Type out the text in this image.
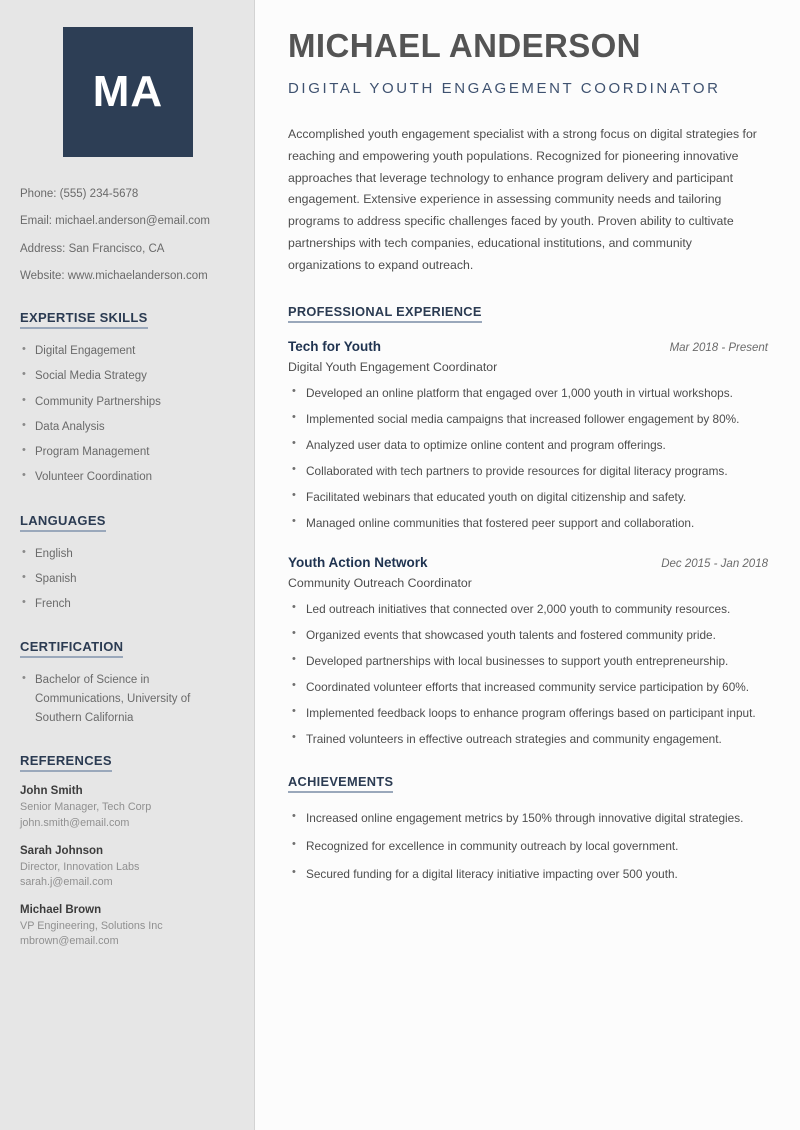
MA
Phone: (555) 234-5678
Email: michael.anderson@email.com
Address: San Francisco, CA
Website: www.michaelanderson.com
EXPERTISE SKILLS
• Digital Engagement
• Social Media Strategy
• Community Partnerships
• Data Analysis
• Program Management
• Volunteer Coordination
LANGUAGES
• English
• Spanish
• French
CERTIFICATION
• Bachelor of Science in Communications, University of Southern California
REFERENCES
John Smith
Senior Manager, Tech Corp
john.smith@email.com
Sarah Johnson
Director, Innovation Labs
sarah.j@email.com
Michael Brown
VP Engineering, Solutions Inc
mbrown@email.com
MICHAEL ANDERSON
DIGITAL YOUTH ENGAGEMENT COORDINATOR

Accomplished youth engagement specialist with a strong focus on digital strategies for reaching and empowering youth populations. Recognized for pioneering innovative approaches that leverage technology to enhance program delivery and participant engagement. Extensive experience in assessing community needs and tailoring programs to address specific challenges faced by youth. Proven ability to cultivate partnerships with tech companies, educational institutions, and community organizations to expand outreach.

PROFESSIONAL EXPERIENCE
Tech for Youth	Mar 2018 - Present
Digital Youth Engagement Coordinator
• Developed an online platform that engaged over 1,000 youth in virtual workshops.
• Implemented social media campaigns that increased follower engagement by 80%.
• Analyzed user data to optimize online content and program offerings.
• Collaborated with tech partners to provide resources for digital literacy programs.
• Facilitated webinars that educated youth on digital citizenship and safety.
• Managed online communities that fostered peer support and collaboration.
Youth Action Network	Dec 2015 - Jan 2018
Community Outreach Coordinator
• Led outreach initiatives that connected over 2,000 youth to community resources.
• Organized events that showcased youth talents and fostered community pride.
• Developed partnerships with local businesses to support youth entrepreneurship.
• Coordinated volunteer efforts that increased community service participation by 60%.
• Implemented feedback loops to enhance program offerings based on participant input.
• Trained volunteers in effective outreach strategies and community engagement.
ACHIEVEMENTS
• Increased online engagement metrics by 150% through innovative digital strategies.
• Recognized for excellence in community outreach by local government.
• Secured funding for a digital literacy initiative impacting over 500 youth.
